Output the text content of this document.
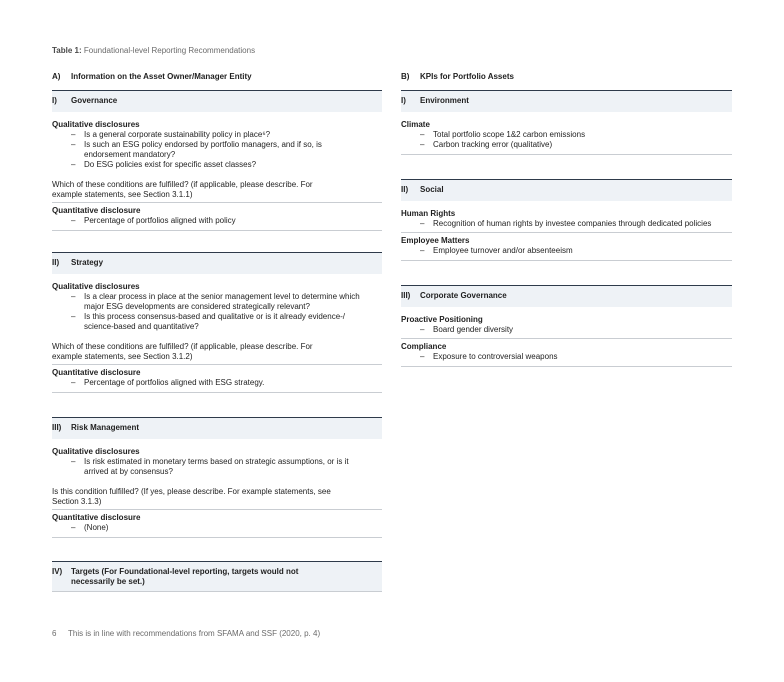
Table 1: Foundational-level Reporting Recommendations
A) Information on the Asset Owner/Manager Entity
I) Governance
Qualitative disclosures
– Is a general corporate sustainability policy in place⁶?
– Is such an ESG policy endorsed by portfolio managers, and if so, is endorsement mandatory?
– Do ESG policies exist for specific asset classes?
Which of these conditions are fulfilled? (if applicable, please describe. For example statements, see Section 3.1.1)
Quantitative disclosure
– Percentage of portfolios aligned with policy
II) Strategy
Qualitative disclosures
– Is a clear process in place at the senior management level to determine which major ESG developments are considered strategically relevant?
– Is this process consensus-based and qualitative or is it already evidence-/ science-based and quantitative?
Which of these conditions are fulfilled? (if applicable, please describe. For example statements, see Section 3.1.2)
Quantitative disclosure
– Percentage of portfolios aligned with ESG strategy.
III) Risk Management
Qualitative disclosures
– Is risk estimated in monetary terms based on strategic assumptions, or is it arrived at by consensus?
Is this condition fulfilled? (If yes, please describe. For example statements, see Section 3.1.3)
Quantitative disclosure
– (None)
IV) Targets (For Foundational-level reporting, targets would not necessarily be set.)
B) KPIs for Portfolio Assets
I) Environment
Climate
– Total portfolio scope 1&2 carbon emissions
– Carbon tracking error (qualitative)
II) Social
Human Rights
– Recognition of human rights by investee companies through dedicated policies
Employee Matters
– Employee turnover and/or absenteeism
III) Corporate Governance
Proactive Positioning
– Board gender diversity
Compliance
– Exposure to controversial weapons
6 This is in line with recommendations from SFAMA and SSF (2020, p. 4)
